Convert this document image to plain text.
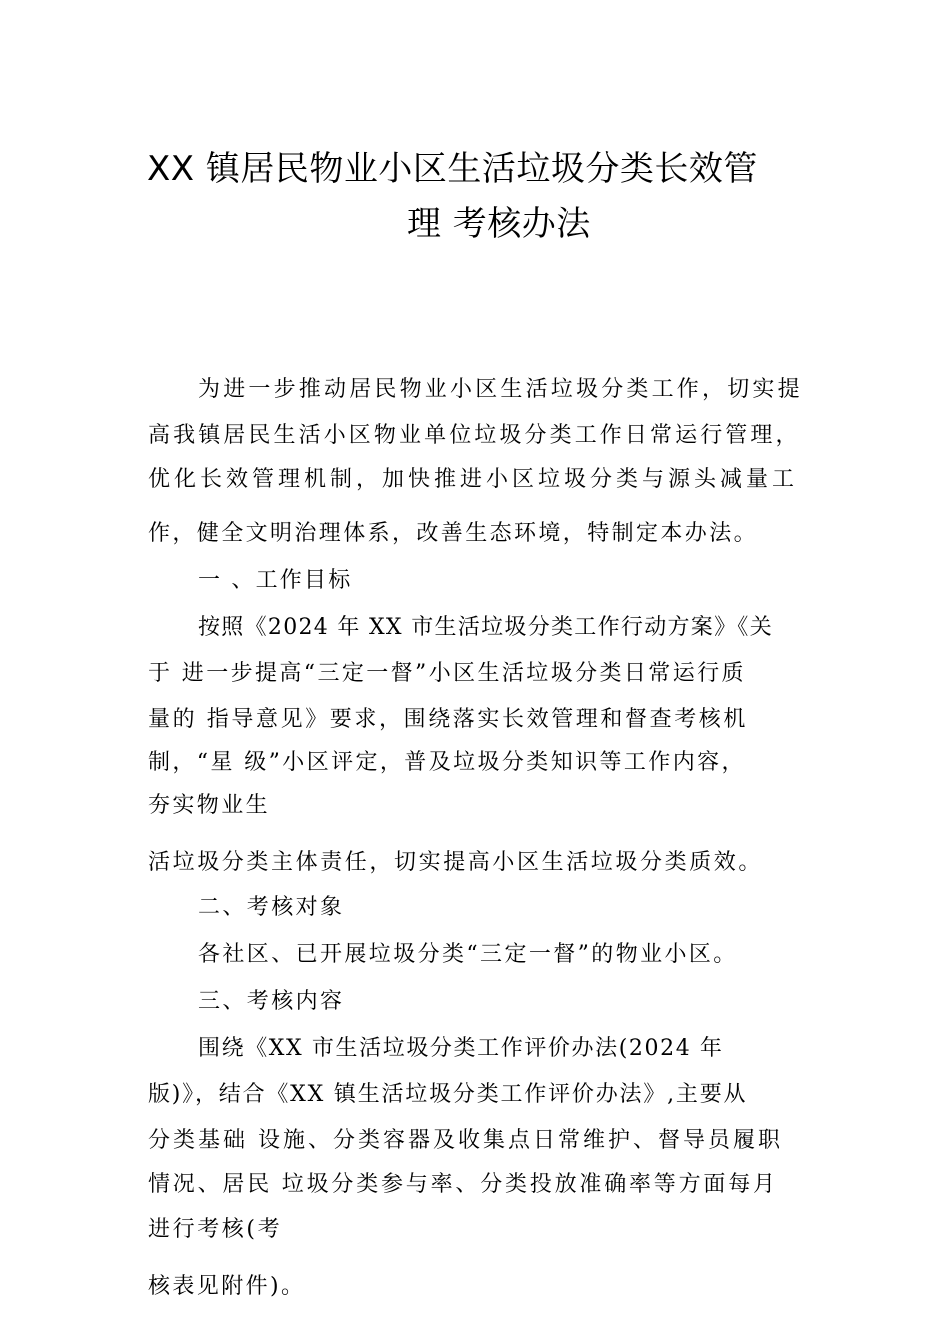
XX 镇居民物业小区生活垃圾分类长效管
理 考核办法
为进一步推动居民物业小区生活垃圾分类工作，切实提
高我镇居民生活小区物业单位垃圾分类工作日常运行管理，
优化长效管理机制，加快推进小区垃圾分类与源头减量工
作，健全文明治理体系，改善生态环境，特制定本办法。
一 、工作目标
按照《2024 年 XX 市生活垃圾分类工作行动方案》《关
于 进一步提高“三定一督”小区生活垃圾分类日常运行质
量的 指导意见》要求，围绕落实长效管理和督查考核机
制，“星 级”小区评定，普及垃圾分类知识等工作内容，
夯实物业生
活垃圾分类主体责任，切实提高小区生活垃圾分类质效。
二、考核对象
各社区、已开展垃圾分类“三定一督”的物业小区。
三、考核内容
围绕《XX 市生活垃圾分类工作评价办法(2024 年
版)》，结合《XX 镇生活垃圾分类工作评价办法》,主要从
分类基础 设施、分类容器及收集点日常维护、督导员履职
情况、居民 垃圾分类参与率、分类投放准确率等方面每月
进行考核(考
核表见附件)。
